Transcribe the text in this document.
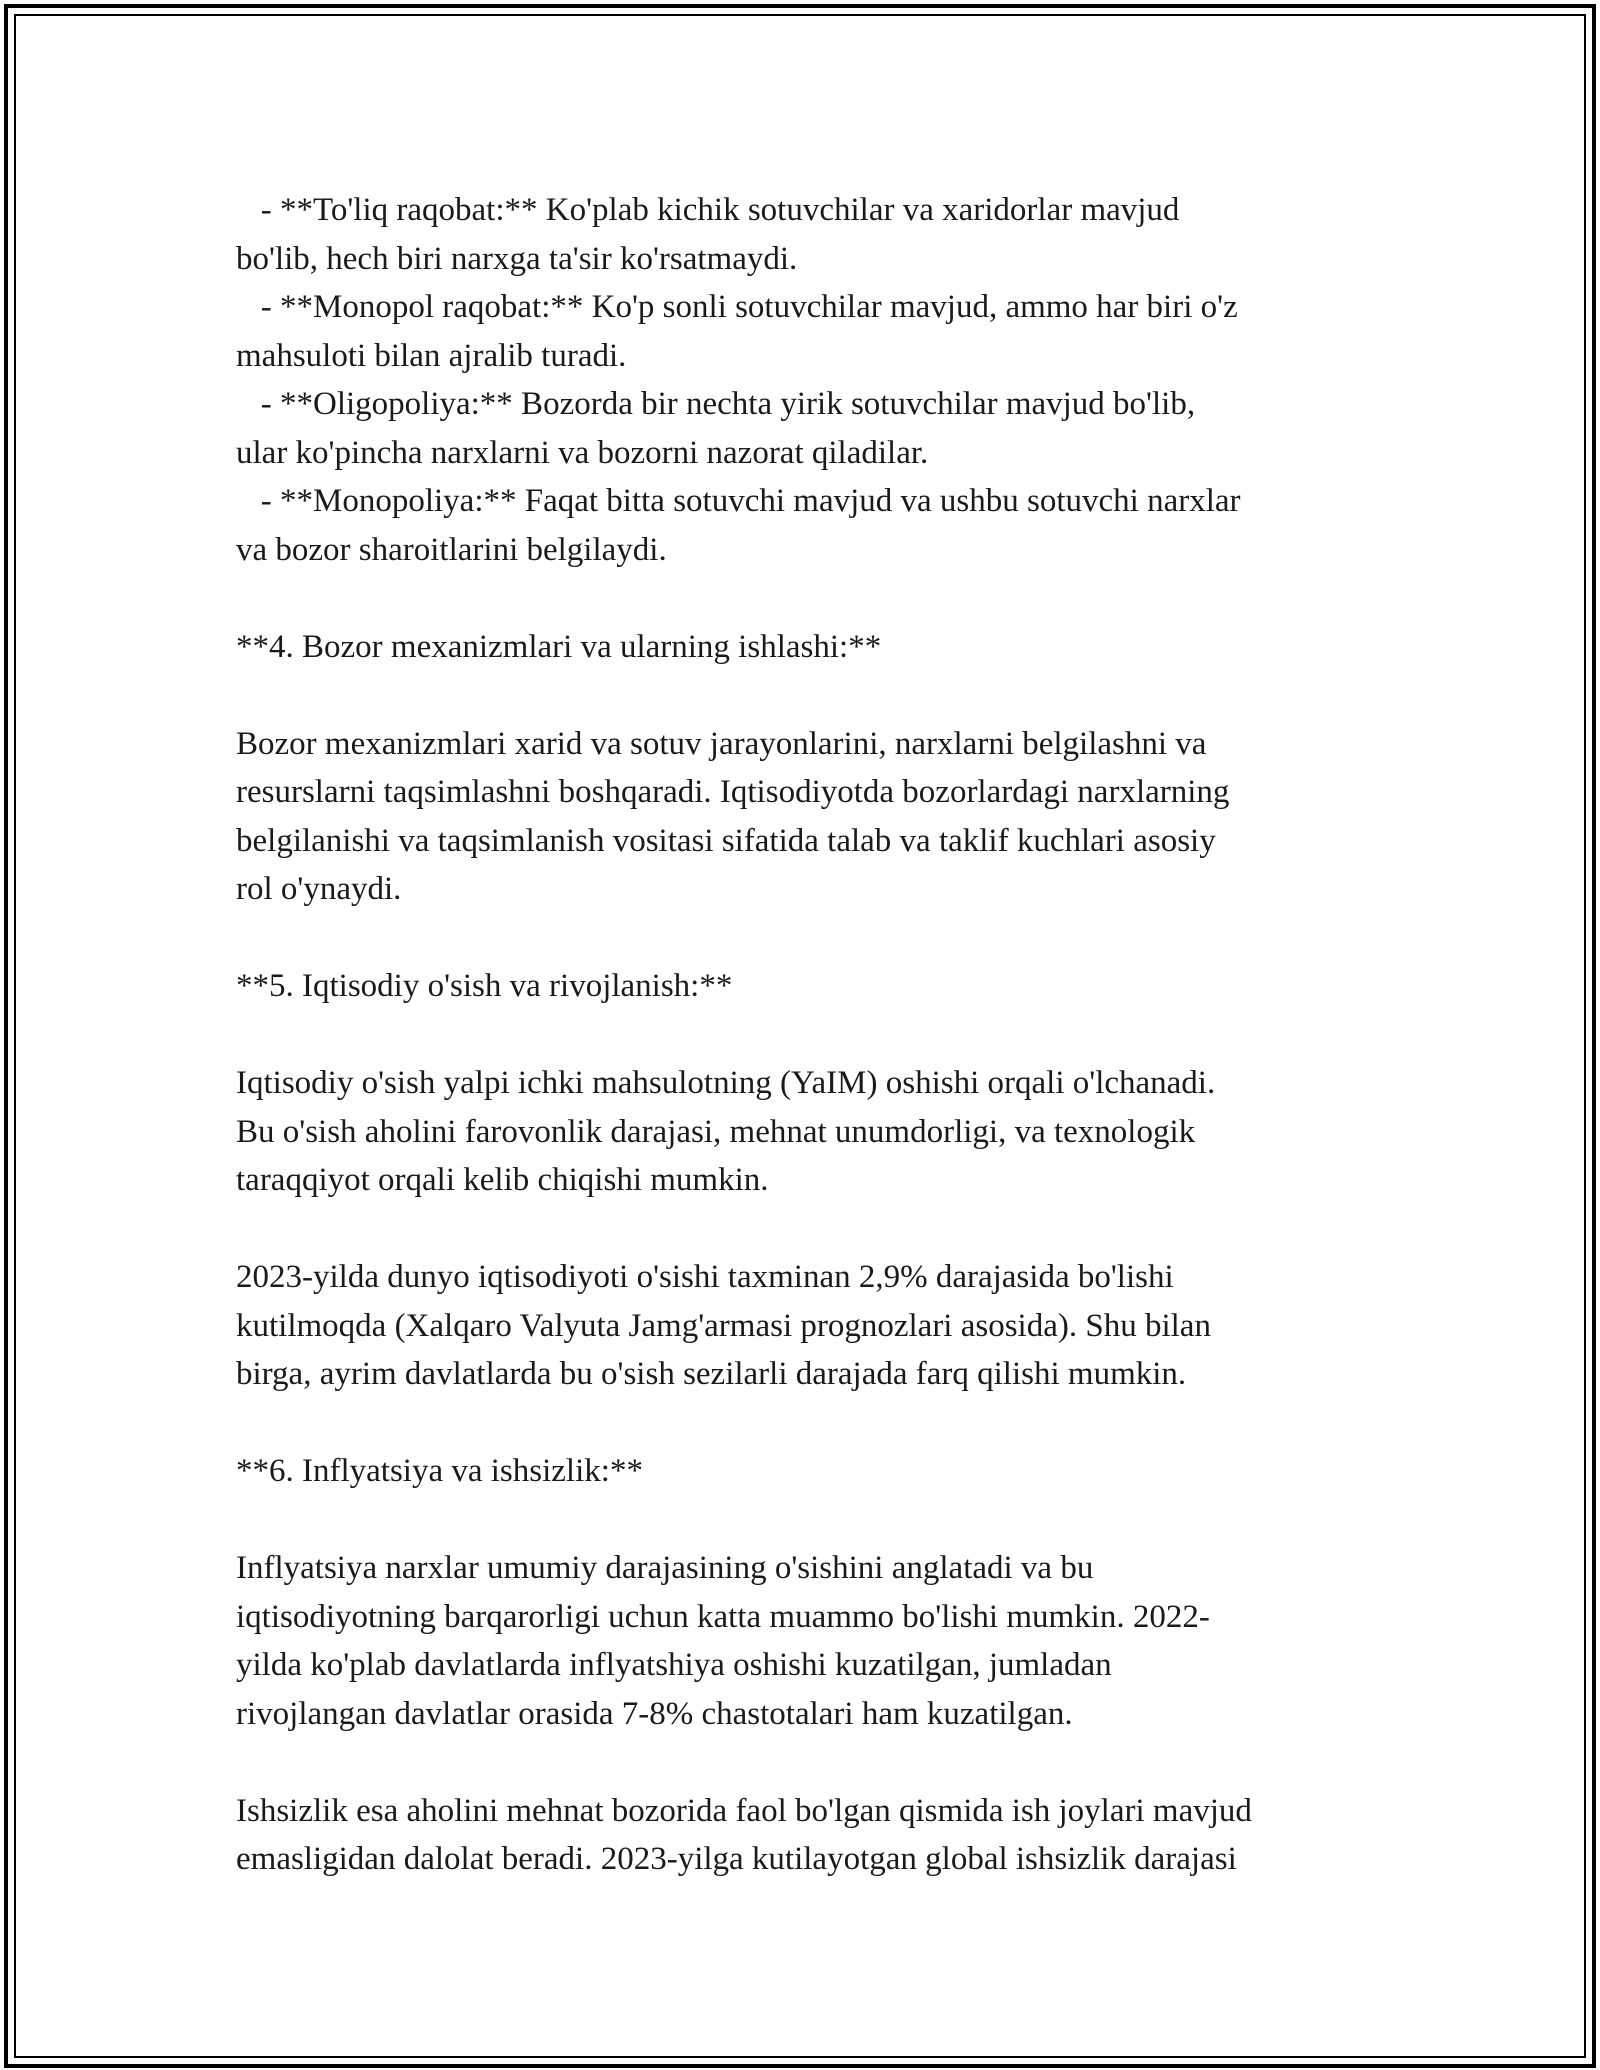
- **To'liq raqobat:** Ko'plab kichik sotuvchilar va xaridorlar mavjud
bo'lib, hech biri narxga ta'sir ko'rsatmaydi.
- **Monopol raqobat:** Ko'p sonli sotuvchilar mavjud, ammo har biri o'z
mahsuloti bilan ajralib turadi.
- **Oligopoliya:** Bozorda bir nechta yirik sotuvchilar mavjud bo'lib,
ular ko'pincha narxlarni va bozorni nazorat qiladilar.
- **Monopoliya:** Faqat bitta sotuvchi mavjud va ushbu sotuvchi narxlar
va bozor sharoitlarini belgilaydi.
**4. Bozor mexanizmlari va ularning ishlashi:**
Bozor mexanizmlari xarid va sotuv jarayonlarini, narxlarni belgilashni va
resurslarni taqsimlashni boshqaradi. Iqtisodiyotda bozorlardagi narxlarning
belgilanishi va taqsimlanish vositasi sifatida talab va taklif kuchlari asosiy
rol o'ynaydi.
**5. Iqtisodiy o'sish va rivojlanish:**
Iqtisodiy o'sish yalpi ichki mahsulotning (YaIM) oshishi orqali o'lchanadi.
Bu o'sish aholini farovonlik darajasi, mehnat unumdorligi, va texnologik
taraqqiyot orqali kelib chiqishi mumkin.
2023-yilda dunyo iqtisodiyoti o'sishi taxminan 2,9% darajasida bo'lishi
kutilmoqda (Xalqaro Valyuta Jamg'armasi prognozlari asosida). Shu bilan
birga, ayrim davlatlarda bu o'sish sezilarli darajada farq qilishi mumkin.
**6. Inflyatsiya va ishsizlik:**
Inflyatsiya narxlar umumiy darajasining o'sishini anglatadi va bu
iqtisodiyotning barqarorligi uchun katta muammo bo'lishi mumkin. 2022-
yilda ko'plab davlatlarda inflyatshiya oshishi kuzatilgan, jumladan
rivojlangan davlatlar orasida 7-8% chastotalari ham kuzatilgan.
Ishsizlik esa aholini mehnat bozorida faol bo'lgan qismida ish joylari mavjud
emasligidan dalolat beradi. 2023-yilga kutilayotgan global ishsizlik darajasi
